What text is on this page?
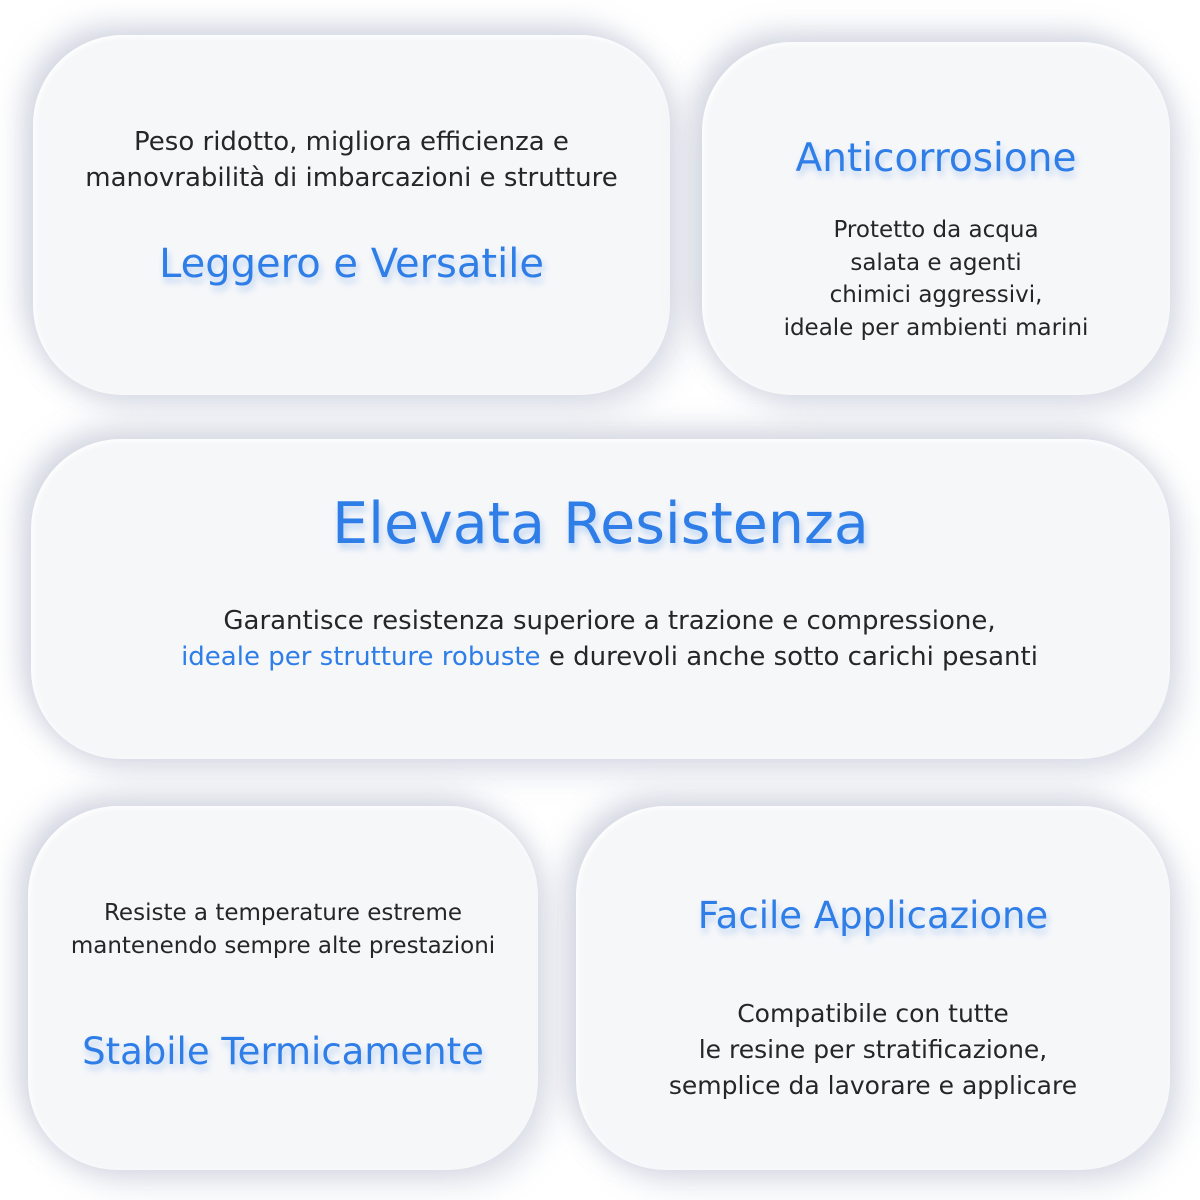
Peso ridotto, migliora efficienza e
manovrabilità di imbarcazioni e strutture
Leggero e Versatile
Anticorrosione
Protetto da acqua
salata e agenti
chimici aggressivi,
ideale per ambienti marini
Elevata Resistenza
Garantisce resistenza superiore a trazione e compressione,
ideale per strutture robuste e durevoli anche sotto carichi pesanti
Resiste a temperature estreme
mantenendo sempre alte prestazioni
Stabile Termicamente
Facile Applicazione
Compatibile con tutte
le resine per stratificazione,
semplice da lavorare e applicare
